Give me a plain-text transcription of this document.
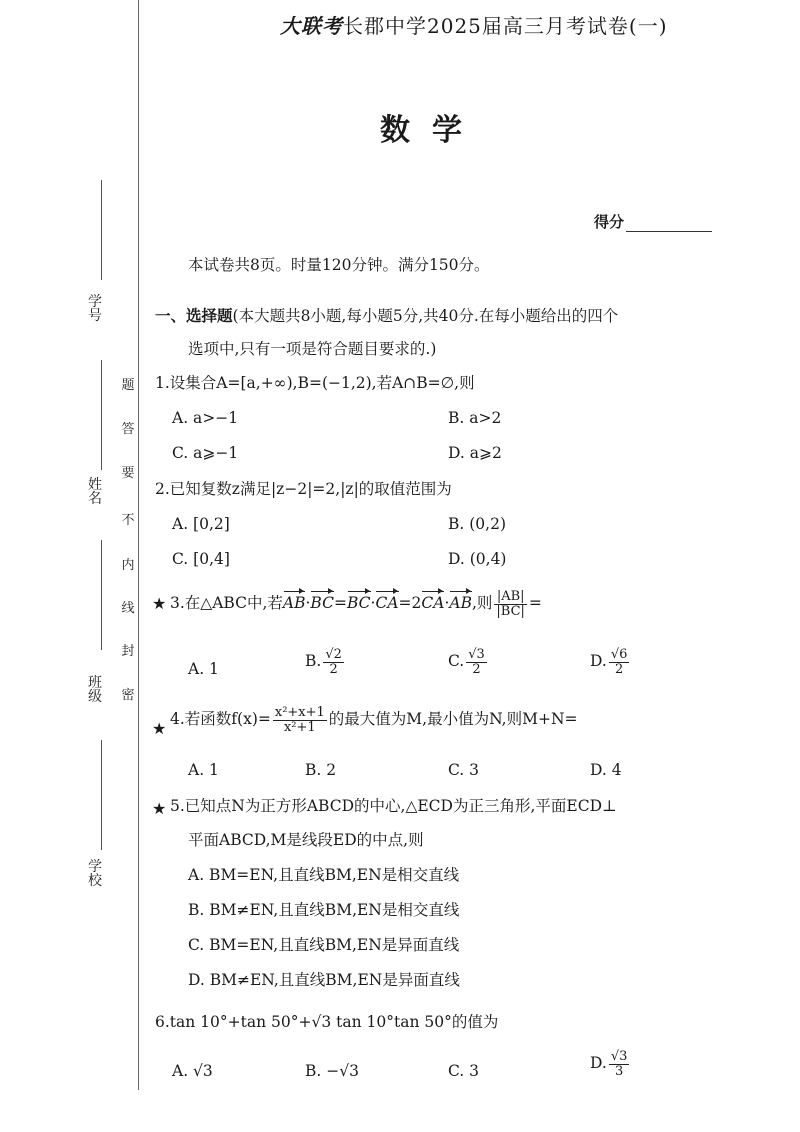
学号
姓名
班级
学校
密
封
线
内
不
要
答
题
大联考长郡中学2025届高三月考试卷(一)
数学
得分
本试卷共8页。时量120分钟。满分150分。
一、选择题(本大题共8小题,每小题5分,共40分.在每小题给出的四个
选项中,只有一项是符合题目要求的.)
1.设集合A=[a,+∞),B=(−1,2),若A∩B=∅,则
A. a>−1	B. a>2
C. a⩾−1	D. a⩾2
2.已知复数z满足|z−2|=2,|z|的取值范围为
A. [0,2]	B. (0,2)
C. [0,4]	D. (0,4)
★ 3.在△ABC中,若AB·BC=BC·CA=2CA·AB,则 $\frac{|AB|}{|BC|}$ =
A. 1	B. $\frac{√2}{2}$	C. $\frac{√3}{2}$	D. $\frac{√6}{2}$
★ 4.若函数$f(x)= \frac{\text{x²+x+1}}{\text{x²+1}}$ 的最大值为M,最小值为N,则M+N=
A. 1	B. 2	C. 3	D. 4
★ 5.已知点N为正方形ABCD的中心,△ECD为正三角形,平面ECD⊥
平面ABCD,M是线段ED的中点,则
A. BM=EN,且直线BM,EN是相交直线
B. BM≠EN,且直线BM,EN是相交直线
C. BM=EN,且直线BM,EN是异面直线
D. BM≠EN,且直线BM,EN是异面直线
6.tan 10°+tan 50°+√3 tan 10°tan 50°的值为
A. √3	B. −√3	C. 3	D. $\frac{√3}{3}$
